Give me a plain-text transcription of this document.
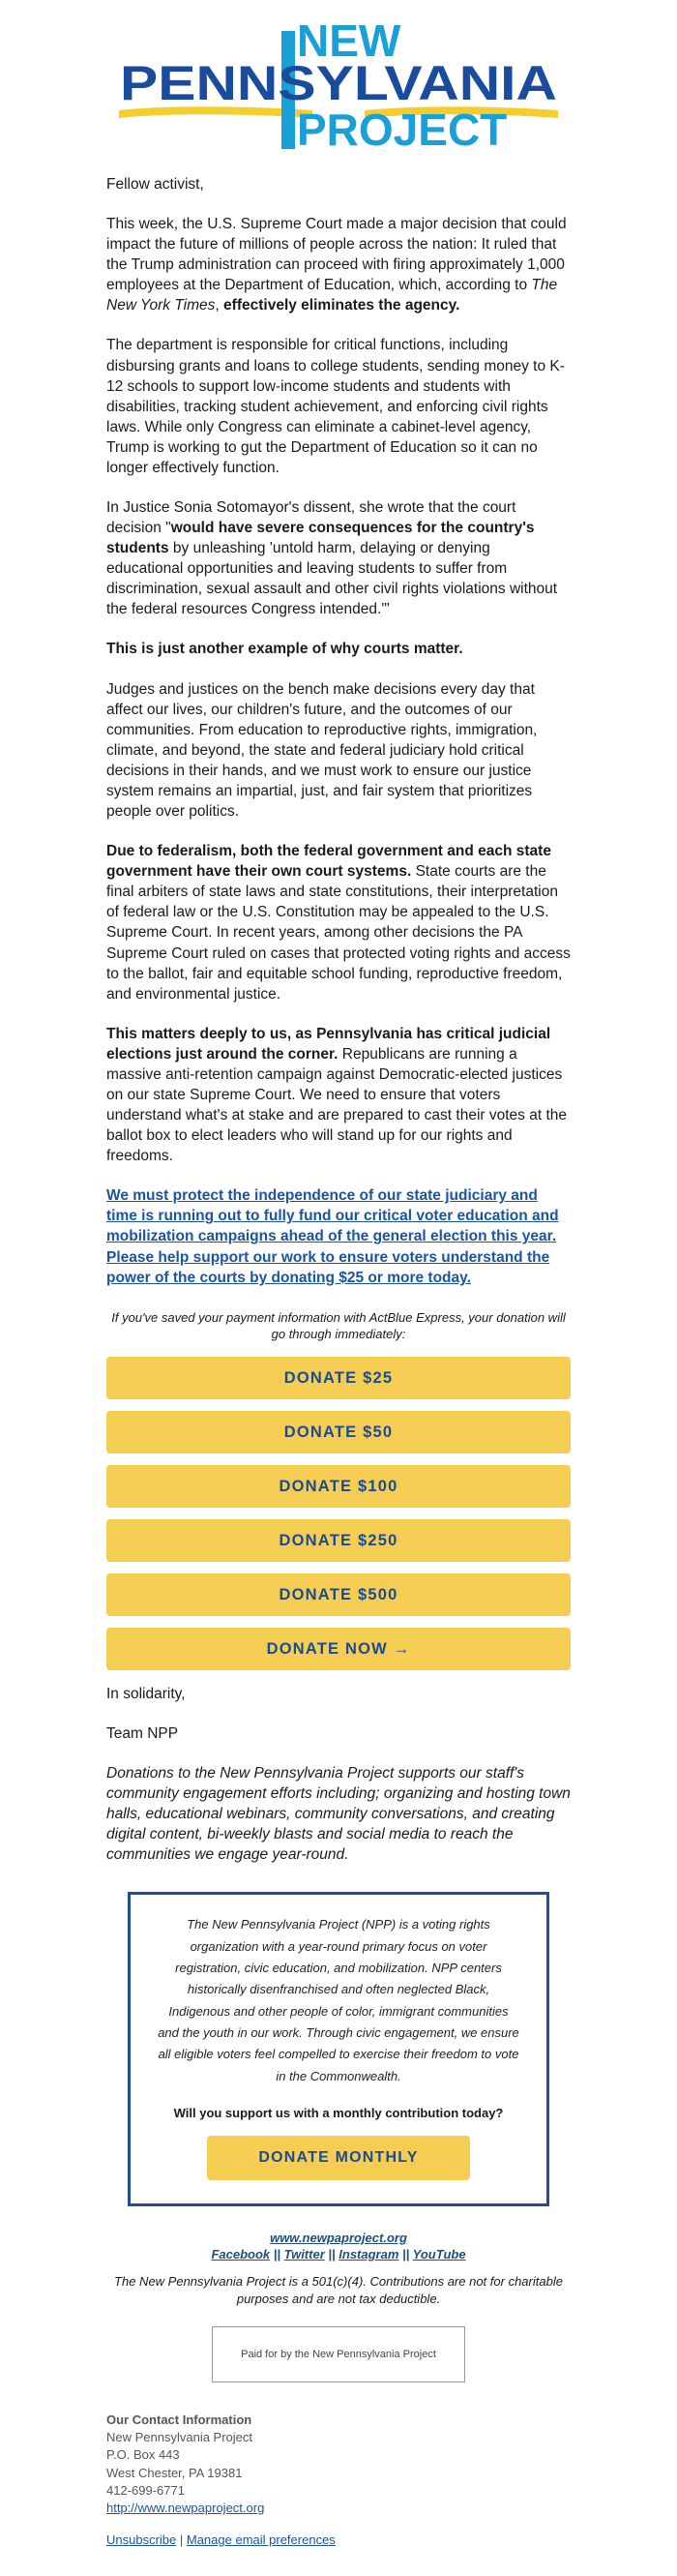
NEW
PENNSYLVANIA
PROJECT

Fellow activist,

This week, the U.S. Supreme Court made a major decision that could impact the future of millions of people across the nation: It ruled that the Trump administration can proceed with firing approximately 1,000 employees at the Department of Education, which, according to The New York Times, effectively eliminates the agency.

The department is responsible for critical functions, including disbursing grants and loans to college students, sending money to K-12 schools to support low-income students and students with disabilities, tracking student achievement, and enforcing civil rights laws. While only Congress can eliminate a cabinet-level agency, Trump is working to gut the Department of Education so it can no longer effectively function.

In Justice Sonia Sotomayor's dissent, she wrote that the court decision "would have severe consequences for the country's students by unleashing 'untold harm, delaying or denying educational opportunities and leaving students to suffer from discrimination, sexual assault and other civil rights violations without the federal resources Congress intended.'"

This is just another example of why courts matter.

Judges and justices on the bench make decisions every day that affect our lives, our children's future, and the outcomes of our communities. From education to reproductive rights, immigration, climate, and beyond, the state and federal judiciary hold critical decisions in their hands, and we must work to ensure our justice system remains an impartial, just, and fair system that prioritizes people over politics.

Due to federalism, both the federal government and each state government have their own court systems. State courts are the final arbiters of state laws and state constitutions, their interpretation of federal law or the U.S. Constitution may be appealed to the U.S. Supreme Court. In recent years, among other decisions the PA Supreme Court ruled on cases that protected voting rights and access to the ballot, fair and equitable school funding, reproductive freedom, and environmental justice.

This matters deeply to us, as Pennsylvania has critical judicial elections just around the corner. Republicans are running a massive anti-retention campaign against Democratic-elected justices on our state Supreme Court. We need to ensure that voters understand what's at stake and are prepared to cast their votes at the ballot box to elect leaders who will stand up for our rights and freedoms.

We must protect the independence of our state judiciary and time is running out to fully fund our critical voter education and mobilization campaigns ahead of the general election this year. Please help support our work to ensure voters understand the power of the courts by donating $25 or more today.
If you've saved your payment information with ActBlue Express, your donation will go through immediately:
DONATE $25
DONATE $50
DONATE $100
DONATE $250
DONATE $500
DONATE NOW →

In solidarity,

Team NPP

Donations to the New Pennsylvania Project supports our staff's community engagement efforts including; organizing and hosting town halls, educational webinars, community conversations, and creating digital content, bi-weekly blasts and social media to reach the communities we engage year-round.

The New Pennsylvania Project (NPP) is a voting rights organization with a year-round primary focus on voter registration, civic education, and mobilization. NPP centers historically disenfranchised and often neglected Black, Indigenous and other people of color, immigrant communities and the youth in our work. Through civic engagement, we ensure all eligible voters feel compelled to exercise their freedom to vote in the Commonwealth.
Will you support us with a monthly contribution today?
DONATE MONTHLY
www.newpaproject.org
Facebook || Twitter || Instagram || YouTube
The New Pennsylvania Project is a 501(c)(4). Contributions are not for charitable purposes and are not tax deductible.
Paid for by the New Pennsylvania Project
Our Contact Information
New Pennsylvania Project
P.O. Box 443
West Chester, PA 19381
412-699-6771
http://www.newpaproject.org
Unsubscribe | Manage email preferences
